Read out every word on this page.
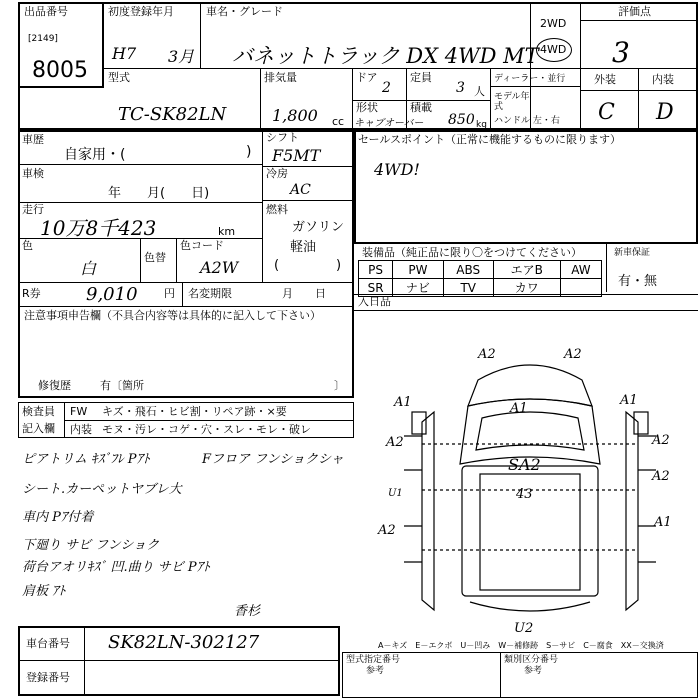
出品番号
[2149]
8005
初度登録年月
H7 3月
車名・グレード
バネットトラック DX 4WD MT
2WD
4WD
評価点
3
型式
TC-SK82LN
排気量
1,800 cc
ドア
2
定員
3 人
形状
キャブオーバー
積載
850 kg
ディーラー・並行
モデル年式
ハンドル 左・右
外装	内装
C D
車歴
自家用・(	)
車検
年　　月(　　日)
走行
10万8千423	km
色
白
色替
色コード
A2W
R券	9,010 円 名変期限	月　　日
シフト
F5MT
冷房
AC
燃料
ガソリン
軽油
(	)
注意事項申告欄（不具合内容等は具体的に記入して下さい）
修復歴	有〔箇所	〕
セールスポイント（正常に機能するものに限ります）
4WD!
装備品（純正品に限り〇をつけてください）
PS	PW	ABS	エアB	AW
SR	ナビ	TV	カワ	
新車保証
有・無
入日品
検査員
記入欄
FW キズ・飛石・ヒビ割・リペア跡・×要
内装 モヌ・汚レ・コゲ・穴・スレ・モレ・破レ
ピアトリム ｷｽﾞﾌﾚ Pｱﾄ	Fフロア フンショクシャ
シート.カーペットヤブレ大
車内 Pｱ付着
下廻り サビ フンショク
荷台アオリｷｽﾞ 凹.曲り サビ Pｱﾄ
肩板 ｱﾄ
香杉
A2	A2
A1	A1
A1
A2	A2
A2
SA2
43
U1
A2
A1
U2
A－キズ　E－エクボ　U－凹み　W－補修跡　S－サビ　C－腐食　XX－交換済
車台番号 SK82LN-302127
登録番号
型式指定番号
参考
類別区分番号
参考
